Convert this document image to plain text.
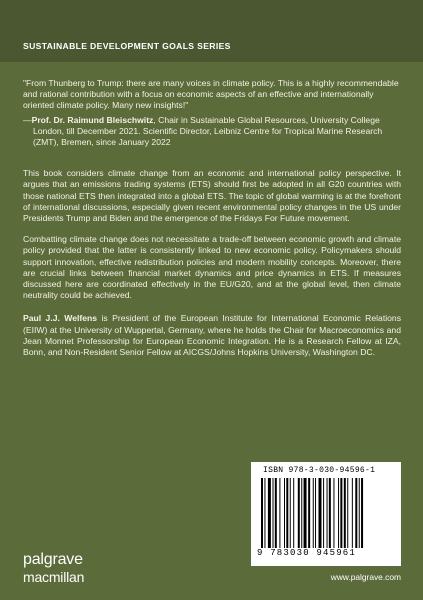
SUSTAINABLE DEVELOPMENT GOALS SERIES

"From Thunberg to Trump: there are many voices in climate policy. This is a highly recommendable and rational contribution with a focus on economic aspects of an effective and internationally oriented climate policy. Many new insights!"

—Prof. Dr. Raimund Bleischwitz, Chair in Sustainable Global Resources, University College London, till December 2021. Scientific Director, Leibniz Centre for Tropical Marine Research (ZMT), Bremen, since January 2022

This book considers climate change from an economic and international policy perspective. It argues that an emissions trading systems (ETS) should first be adopted in all G20 countries with those national ETS then integrated into a global ETS. The topic of global warming is at the forefront of international discussions, especially given recent environmental policy changes in the US under Presidents Trump and Biden and the emergence of the Fridays For Future movement.

Combatting climate change does not necessitate a trade-off between economic growth and climate policy provided that the latter is consistently linked to new economic policy. Policymakers should support innovation, effective redistribution policies and modern mobility concepts. Moreover, there are crucial links between financial market dynamics and price dynamics in ETS. If measures discussed here are coordinated effectively in the EU/G20, and at the global level, then climate neutrality could be achieved.

Paul J.J. Welfens is President of the European Institute for International Economic Relations (EIIW) at the University of Wuppertal, Germany, where he holds the Chair for Macroeconomics and Jean Monnet Professorship for European Economic Integration. He is a Research Fellow at IZA, Bonn, and Non-Resident Senior Fellow at AICGS/Johns Hopkins University, Washington DC.

ISBN 978-3-030-94596-1
9 783030 945961
palgrave
macmillan	www.palgrave.com
